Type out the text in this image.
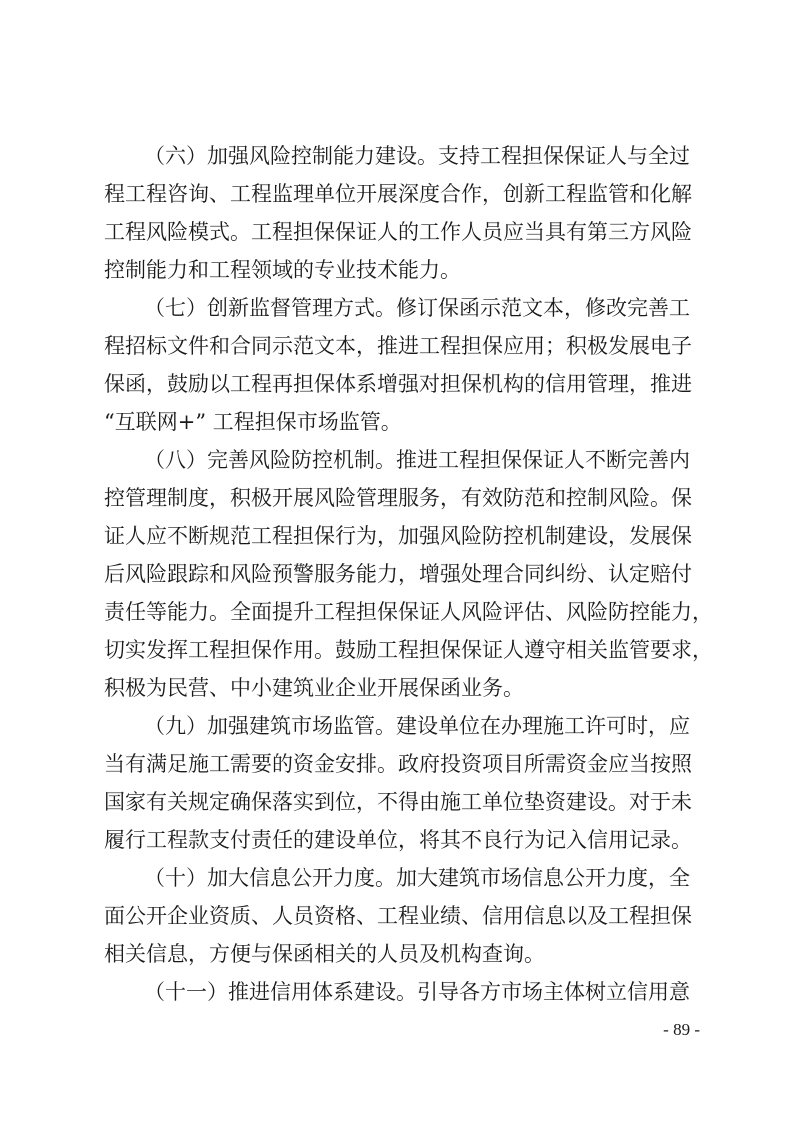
（六）加强风险控制能力建设。支持工程担保保证人与全过
程工程咨询、工程监理单位开展深度合作，创新工程监管和化解
工程风险模式。工程担保保证人的工作人员应当具有第三方风险
控制能力和工程领域的专业技术能力。
（七）创新监督管理方式。修订保函示范文本，修改完善工
程招标文件和合同示范文本，推进工程担保应用；积极发展电子
保函，鼓励以工程再担保体系增强对担保机构的信用管理，推进
“互联网+” 工程担保市场监管。
（八）完善风险防控机制。推进工程担保保证人不断完善内
控管理制度，积极开展风险管理服务，有效防范和控制风险。保
证人应不断规范工程担保行为，加强风险防控机制建设，发展保
后风险跟踪和风险预警服务能力，增强处理合同纠纷、认定赔付
责任等能力。全面提升工程担保保证人风险评估、风险防控能力，
切实发挥工程担保作用。鼓励工程担保保证人遵守相关监管要求，
积极为民营、中小建筑业企业开展保函业务。
（九）加强建筑市场监管。建设单位在办理施工许可时，应
当有满足施工需要的资金安排。政府投资项目所需资金应当按照
国家有关规定确保落实到位，不得由施工单位垫资建设。对于未
履行工程款支付责任的建设单位，将其不良行为记入信用记录。
（十）加大信息公开力度。加大建筑市场信息公开力度，全
面公开企业资质、人员资格、工程业绩、信用信息以及工程担保
相关信息，方便与保函相关的人员及机构查询。
（十一）推进信用体系建设。引导各方市场主体树立信用意
- 89 -
